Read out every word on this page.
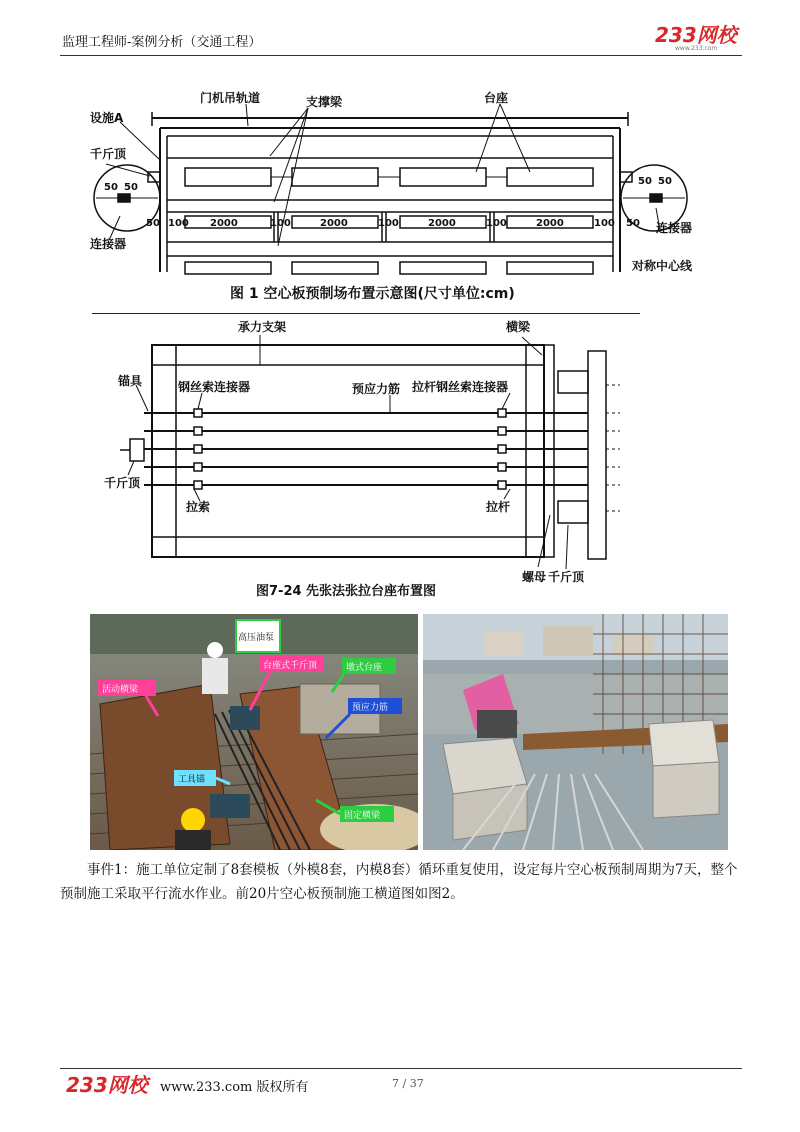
监理工程师-案例分析（交通工程）	233网校
www.233.com
设施A
门机吊轨道	支撑梁	台座
千斤顶
连接器
连接器
对称中心线
50 50
50 50
50	50
100 2000	100	2000	100	2000	100	2000	100
图 1 空心板预制场布置示意图(尺寸单位:cm)
承力支架	横梁
锚具	钢丝索连接器	预应力筋 拉杆钢丝索连接器
千斤顶
拉索	拉杆
螺母 千斤顶
图7-24 先张法张拉台座布置图
活动横梁
高压油泵
台座式千斤顶	墩式台座
预应力筋
工具锚
固定横梁
事件1：施工单位定制了8套模板（外模8套，内模8套）循环重复使用，设定每片空心板预制周期为7天，整个预制施工采取平行流水作业。前20片空心板预制施工横道图如图2。
233网校 www.233.com 版权所有	7 / 37
